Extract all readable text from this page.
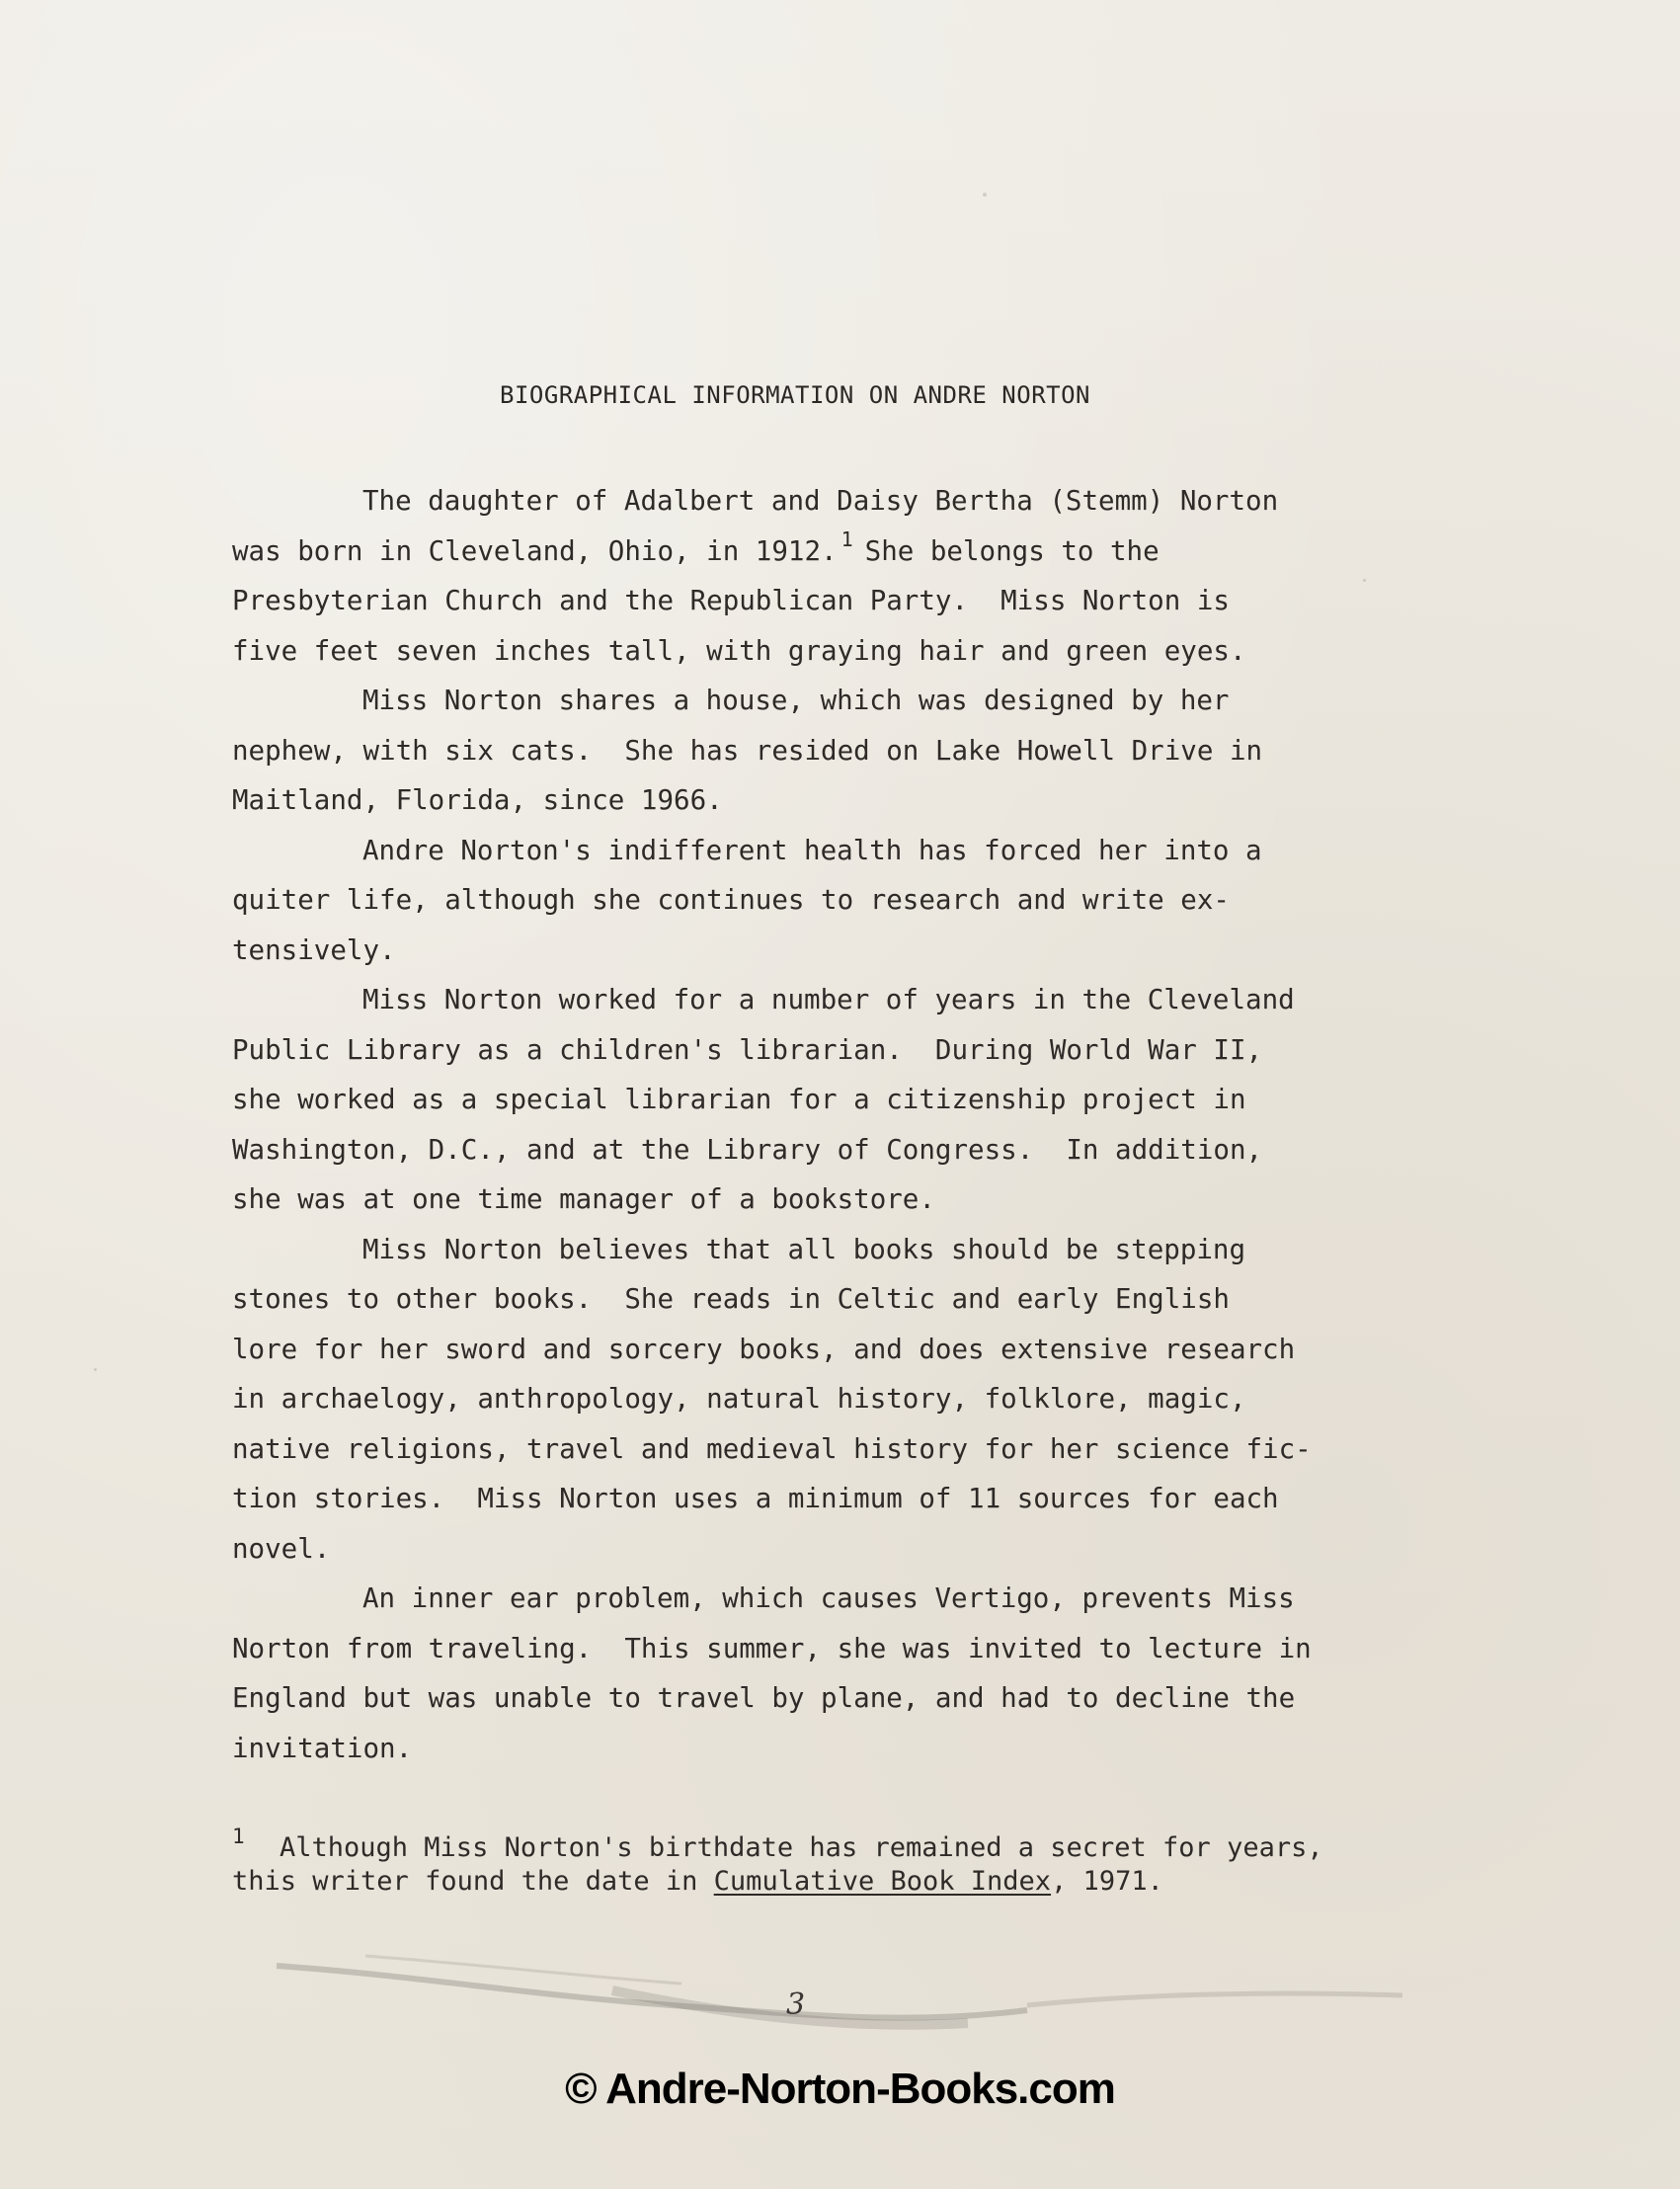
BIOGRAPHICAL INFORMATION ON ANDRE NORTON
The daughter of Adalbert and Daisy Bertha (Stemm) Norton
was born in Cleveland, Ohio, in 1912. $^1$ She belongs to the
Presbyterian Church and the Republican Party.  Miss Norton is
five feet seven inches tall, with graying hair and green eyes.
Miss Norton shares a house, which was designed by her
nephew, with six cats.  She has resided on Lake Howell Drive in
Maitland, Florida, since 1966.
Andre Norton's indifferent health has forced her into a
quiter life, although she continues to research and write ex-
tensively.
Miss Norton worked for a number of years in the Cleveland
Public Library as a children's librarian.  During World War II,
she worked as a special librarian for a citizenship project in
Washington, D.C., and at the Library of Congress.  In addition,
she was at one time manager of a bookstore.
Miss Norton believes that all books should be stepping
stones to other books.  She reads in Celtic and early English
lore for her sword and sorcery books, and does extensive research
in archaelogy, anthropology, natural history, folklore, magic,
native religions, travel and medieval history for her science fic-
tion stories.  Miss Norton uses a minimum of 11 sources for each
novel.
An inner ear problem, which causes Vertigo, prevents Miss
Norton from traveling.  This summer, she was invited to lecture in
England but was unable to travel by plane, and had to decline the
invitation.
1	Although Miss Norton's birthdate has remained a secret for years,
this writer found the date in Cumulative Book Index, 1971.
3
© Andre-Norton-Books.com
